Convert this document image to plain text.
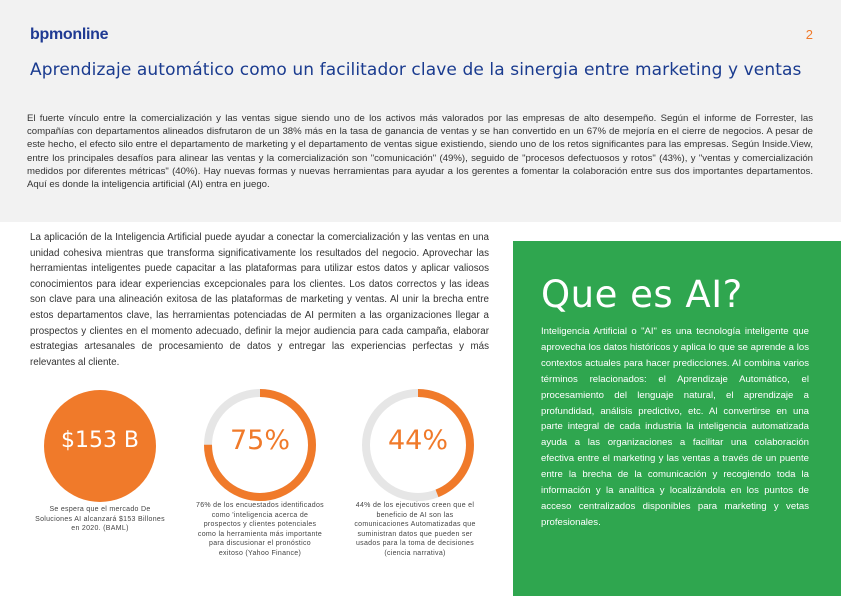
bpmonline	2
Aprendizaje automático como un facilitador clave de la sinergia entre marketing y ventas
El fuerte vínculo entre la comercialización y las ventas sigue siendo uno de los activos más valorados por las empresas de alto desempeño. Según el informe de Forrester, las compañías con departamentos alineados disfrutaron de un 38% más en la tasa de ganancia de ventas y se han convertido en un 67% de mejoría en el cierre de negocios. A pesar de este hecho, el efecto silo entre el departamento de marketing y el departamento de ventas sigue existiendo, siendo uno de los retos significantes para las empresas. Según Inside.View, entre los principales desafíos para alinear las ventas y la comercialización son "comunicación" (49%), seguido de "procesos defectuosos y rotos" (43%), y "ventas y comercialización medidos por diferentes métricas" (40%). Hay nuevas formas y nuevas herramientas para ayudar a los gerentes a fomentar la colaboración entre sus dos importantes departamentos. Aquí es donde la inteligencia artificial (AI) entra en juego.
La aplicación de la Inteligencia Artificial puede ayudar a conectar la comercialización y las ventas en una unidad cohesiva mientras que transforma significativamente los resultados del negocio. Aprovechar las herramientas inteligentes puede capacitar a las plataformas para utilizar estos datos y aplicar valiosos conocimientos para idear experiencias excepcionales para los clientes. Los datos correctos y las ideas son clave para una alineación exitosa de las plataformas de marketing y ventas. Al unir la brecha entre estos departamentos clave, las herramientas potenciadas de AI permiten a las organizaciones llegar a prospectos y clientes en el momento adecuado, definir la mejor audiencia para cada campaña, elaborar estrategias artesanales de procesamiento de datos y entregar las experiencias perfectas y más relevantes al cliente.
$153 B
Se espera que el mercado De Soluciones AI alcanzará $153 Billones en 2020. (BAML)
75%
76% de los encuestados identificados como 'inteligencia acerca de prospectos y clientes potenciales como la herramienta más importante para discusionar el pronóstico exitoso (Yahoo Finance)
44%
44% de los ejecutivos creen que el beneficio de AI son las comunicaciones Automatizadas que suministran datos que pueden ser usados para la toma de decisiones (ciencia narrativa)
Que es AI?
Inteligencia Artificial o "AI" es una tecnología inteligente que aprovecha los datos históricos y aplica lo que se aprende a los contextos actuales para hacer predicciones. AI combina varios términos relacionados: el Aprendizaje Automático, el procesamiento del lenguaje natural, el aprendizaje a profundidad, análisis predictivo, etc. Al convertirse en una parte integral de cada industria la inteligencia automatizada ayuda a las organizaciones a facilitar una colaboración efectiva entre el marketing y las ventas a través de un puente entre la brecha de la comunicación y recogiendo toda la información y la analítica y localizándola en los puntos de acceso centralizados disponibles para marketing y vetas profesionales.
